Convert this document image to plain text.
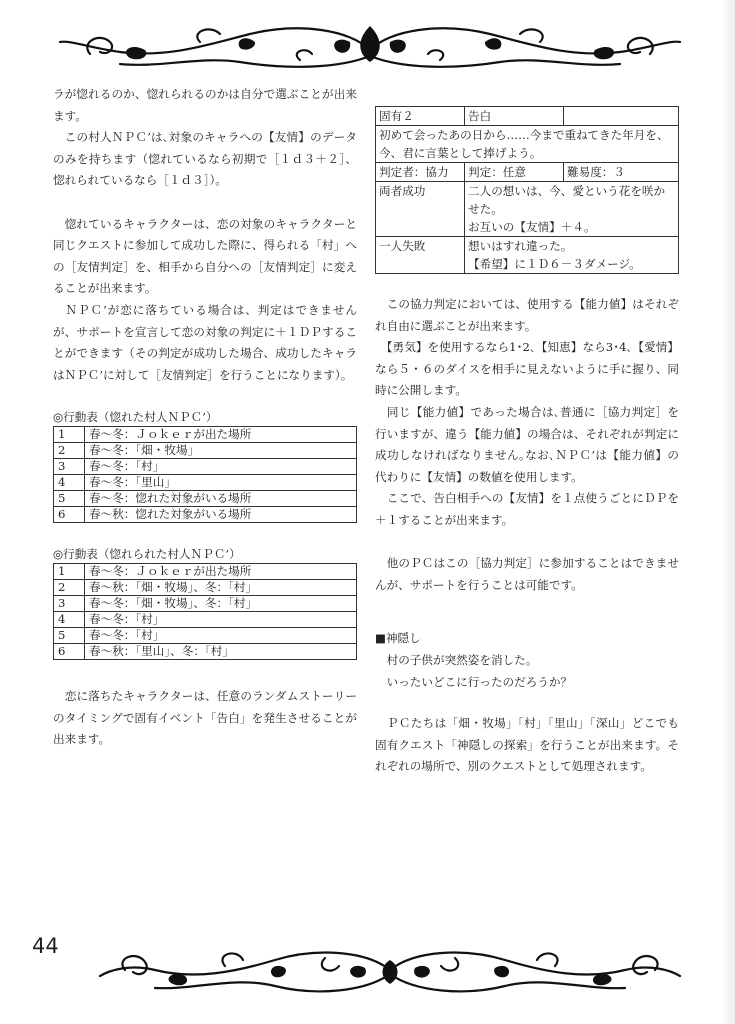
ラが惚れるのか、惚れられるのかは自分で選ぶことが出来ます。

　この村人ＮＰＣ’は､対象のキャラへの【友情】のデータのみを持ちます（惚れているなら初期で［１ｄ３＋２］、惚れられているなら［１ｄ３］）。

　惚れているキャラクターは、恋の対象のキャラクターと同じクエストに参加して成功した際に、得られる「村」への［友情判定］を、相手から自分への［友情判定］に変えることが出来ます。

　ＮＰＣ’が恋に落ちている場合は、判定はできませんが、サポートを宣言して恋の対象の判定に＋１ＤＰすることができます（その判定が成功した場合、成功したキャラはＮＰＣ’に対して［友情判定］を行うことになります）。

◎行動表（惚れた村人ＮＰＣ’）
1	春〜冬：Ｊｏｋｅｒが出た場所
2	春〜冬：｢畑・牧場｣
3	春〜冬：｢村｣
4	春〜冬：｢里山｣
5	春〜冬：惚れた対象がいる場所
6	春〜秋：惚れた対象がいる場所
◎行動表（惚れられた村人ＮＰＣ’）
1	春〜冬：Ｊｏｋｅｒが出た場所
2	春〜秋：｢畑・牧場｣、冬：｢村｣
3	春〜冬：｢畑・牧場｣、冬：｢村｣
4	春〜冬：｢村｣
5	春〜冬：｢村｣
6	春〜秋：｢里山｣、冬：｢村｣

　恋に落ちたキャラクターは、任意のランダムストーリーのタイミングで固有イベント「告白」を発生させることが出来ます。

固有２	告白	
初めて会ったあの日から……今まで重ねてきた年月を、今、君に言葉として捧げよう。		
判定者：協力	判定：任意	難易度：３
両者成功	二人の想いは、今、愛という花を咲かせた。
お互いの【友情】＋４。	

一人失敗	想いはすれ違った。
【希望】に１Ｄ６－３ダメージ。	

　この協力判定においては、使用する【能力値】はそれぞれ自由に選ぶことが出来ます。

　【勇気】を使用するなら1･2､【知恵】なら3･4､【愛情】なら５・６のダイスを相手に見えないように手に握り、同時に公開します。

　同じ【能力値】であった場合は､普通に［協力判定］を行いますが、違う【能力値】の場合は、それぞれが判定に成功しなければなりません｡なお､ＮＰＣ’は【能力値】の代わりに【友情】の数値を使用します。

　ここで、告白相手への【友情】を１点使うごとにＤＰを＋１することが出来ます。

　他のＰＣはこの［協力判定］に参加することはできませんが、サポートを行うことは可能です。

■神隠し

　村の子供が突然姿を消した。

　いったいどこに行ったのだろうか？

　ＰＣたちは「畑・牧場」「村」「里山」「深山」どこでも固有クエスト「神隠しの探索」を行うことが出来ます。それぞれの場所で、別のクエストとして処理されます。

44
